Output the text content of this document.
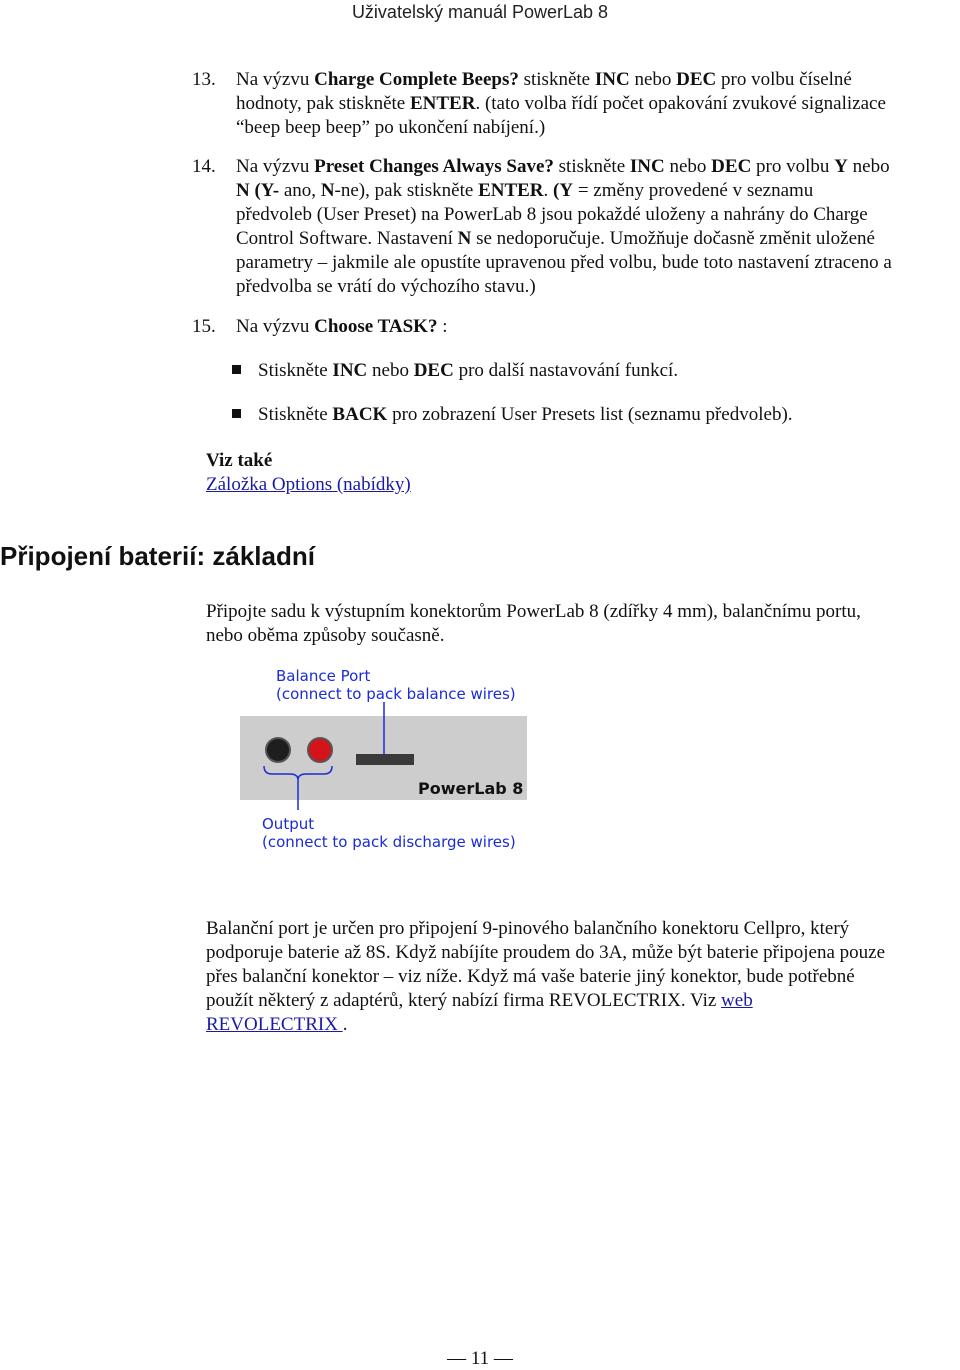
Uživatelský manuál PowerLab 8
13. Na výzvu Charge Complete Beeps? stiskněte INC nebo DEC pro volbu číselné
hodnoty, pak stiskněte ENTER. (tato volba řídí počet opakování zvukové signalizace
“beep beep beep” po ukončení nabíjení.)
14. Na výzvu Preset Changes Always Save? stiskněte INC nebo DEC pro volbu Y nebo
N (Y- ano, N-ne), pak stiskněte ENTER. (Y = změny provedené v seznamu
předvoleb (User Preset) na PowerLab 8 jsou pokaždé uloženy a nahrány do Charge
Control Software. Nastavení N se nedoporučuje. Umožňuje dočasně změnit uložené
parametry – jakmile ale opustíte upravenou před volbu, bude toto nastavení ztraceno a
předvolba se vrátí do výchozího stavu.)
15. Na výzvu Choose TASK? :
Stiskněte INC nebo DEC pro další nastavování funkcí.
Stiskněte BACK pro zobrazení User Presets list (seznamu předvoleb).
Viz také
Záložka Options (nabídky)
Připojení baterií: základní
Připojte sadu k výstupním konektorům PowerLab 8 (zdířky 4 mm), balančnímu portu,
nebo oběma způsoby současně.
Balance Port
(connect to pack balance wires)
PowerLab 8
Output
(connect to pack discharge wires)
Balanční port je určen pro připojení 9-pinového balančního konektoru Cellpro, který
podporuje baterie až 8S. Když nabíjíte proudem do 3A, může být baterie připojena pouze
přes balanční konektor – viz níže. Když má vaše baterie jiný konektor, bude potřebné
použít některý z adaptérů, který nabízí firma REVOLECTRIX. Viz web
REVOLECTRIX .
— 11 —
